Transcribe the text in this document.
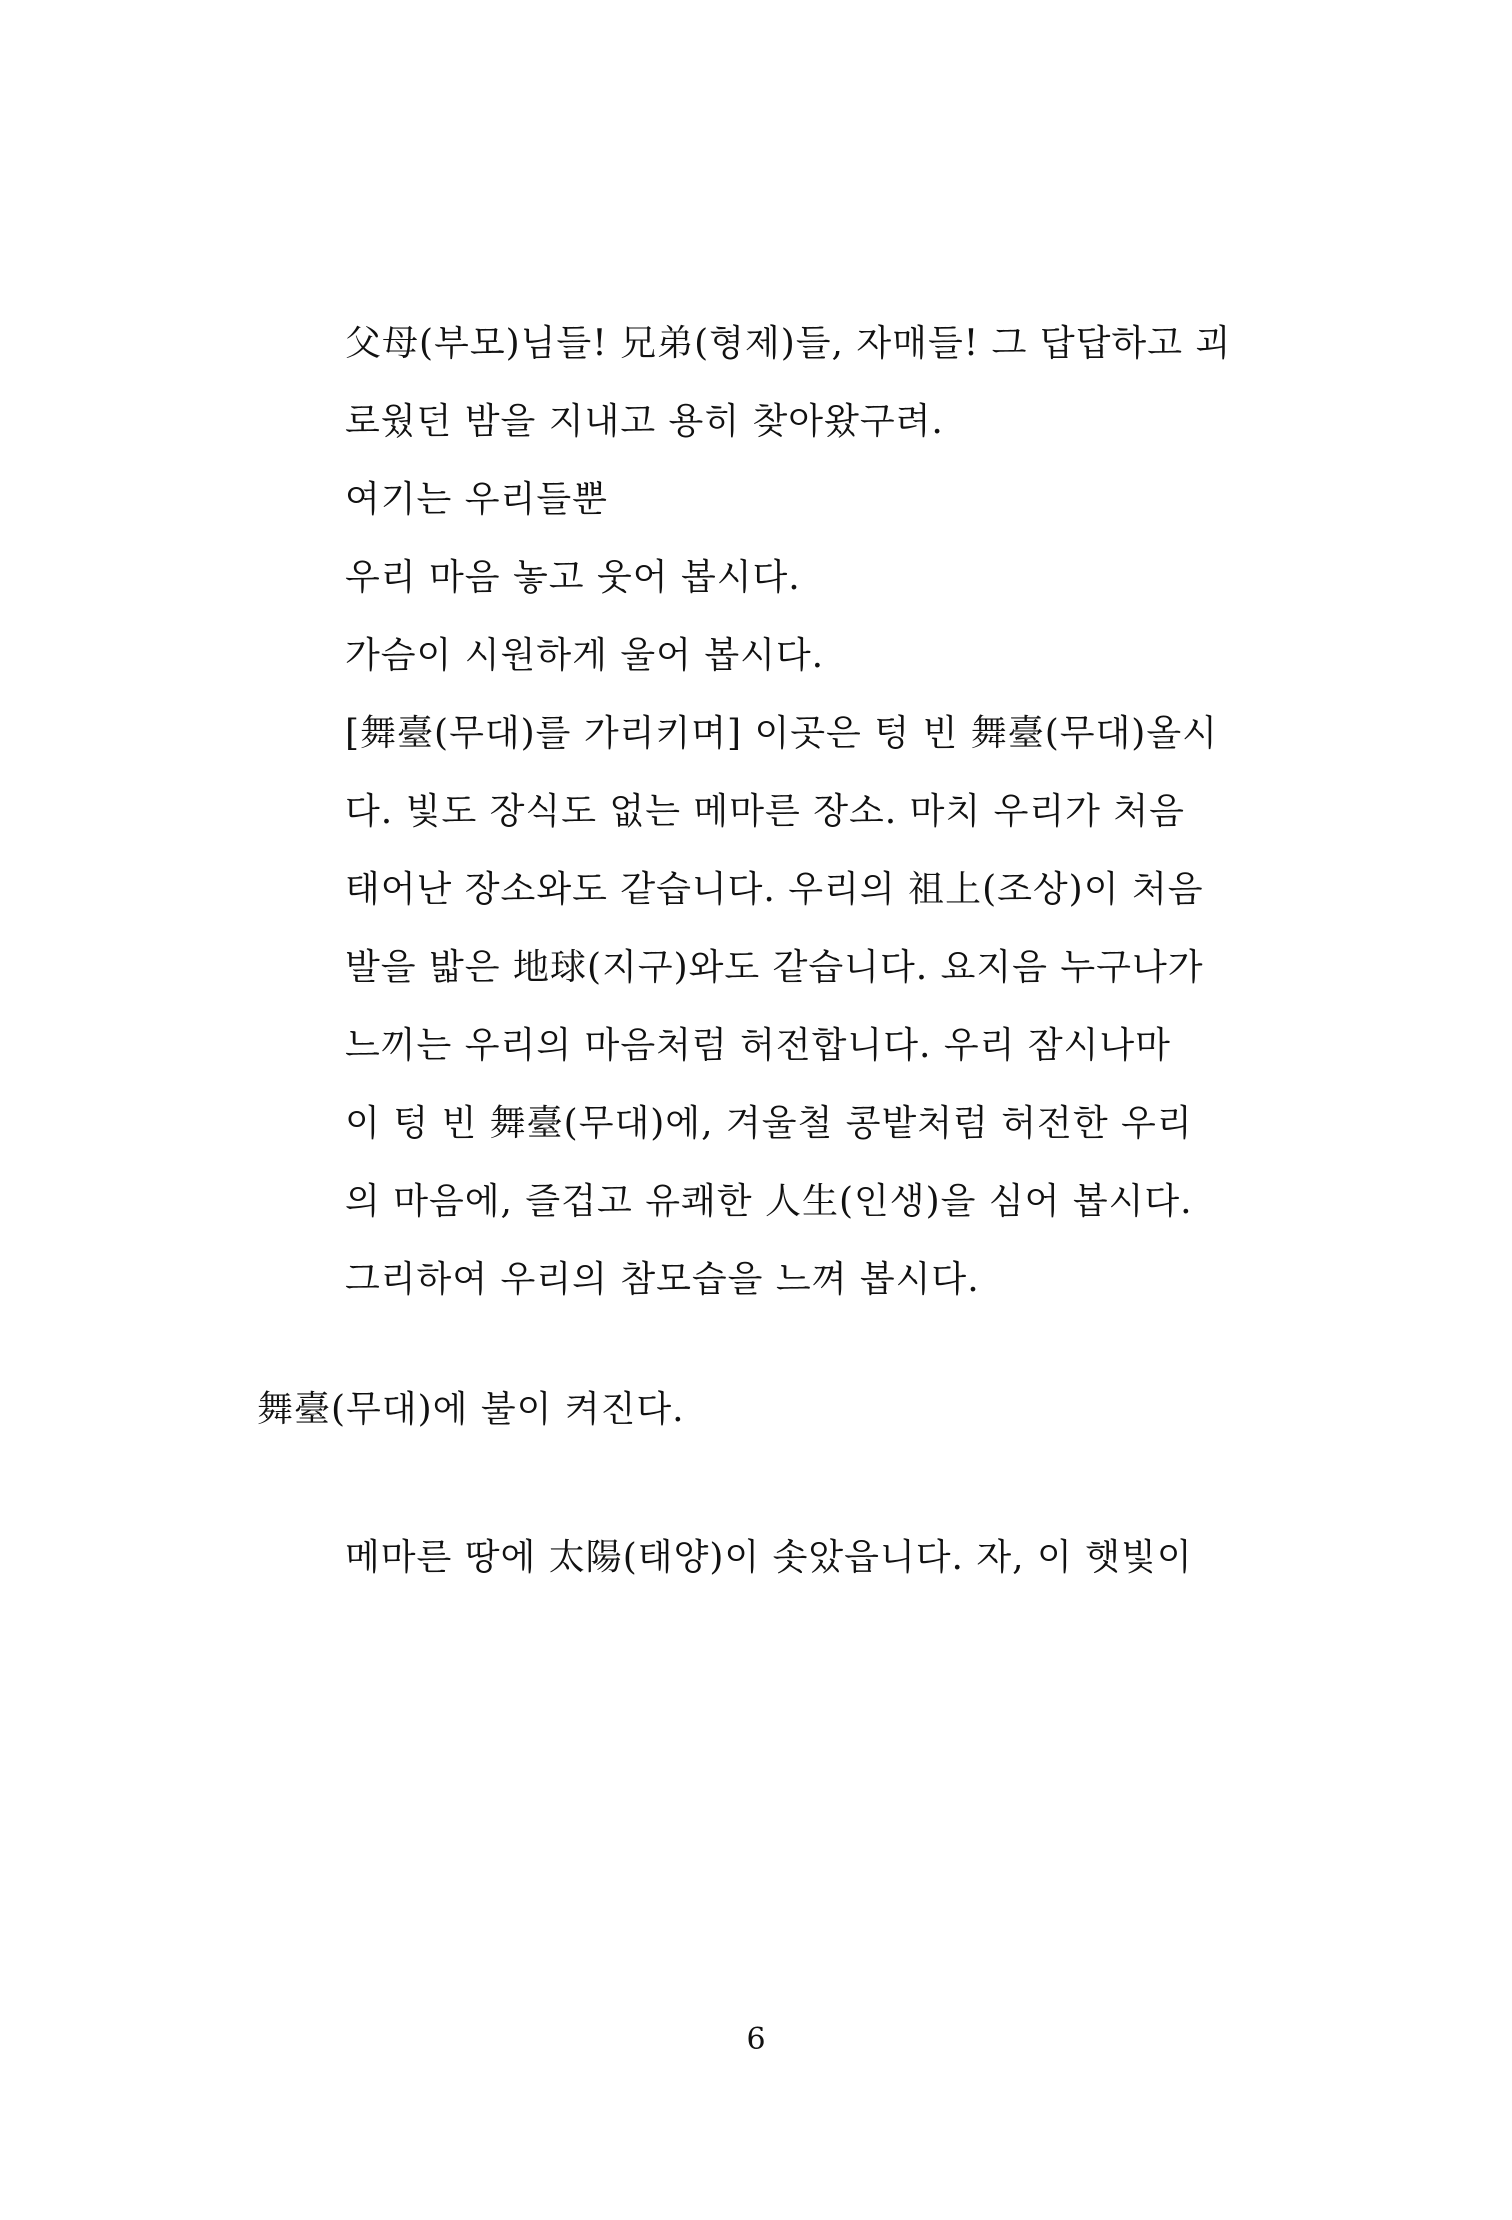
父母(부모)님들! 兄弟(형제)들, 자매들! 그 답답하고 괴
로웠던 밤을 지내고 용히 찾아왔구려.
여기는 우리들뿐
우리 마음 놓고 웃어 봅시다.
가슴이 시원하게 울어 봅시다.
[舞臺(무대)를 가리키며] 이곳은 텅 빈 舞臺(무대)올시
다. 빛도 장식도 없는 메마른 장소. 마치 우리가 처음
태어난 장소와도 같습니다. 우리의 祖上(조상)이 처음
발을 밟은 地球(지구)와도 같습니다. 요지음 누구나가
느끼는 우리의 마음처럼 허전합니다. 우리 잠시나마
이 텅 빈 舞臺(무대)에, 겨울철 콩밭처럼 허전한 우리
의 마음에, 즐겁고 유쾌한 人生(인생)을 심어 봅시다.
그리하여 우리의 참모습을 느껴 봅시다.
舞臺(무대)에 불이 켜진다.
메마른 땅에 太陽(태양)이 솟았읍니다. 자, 이 햇빛이
6
